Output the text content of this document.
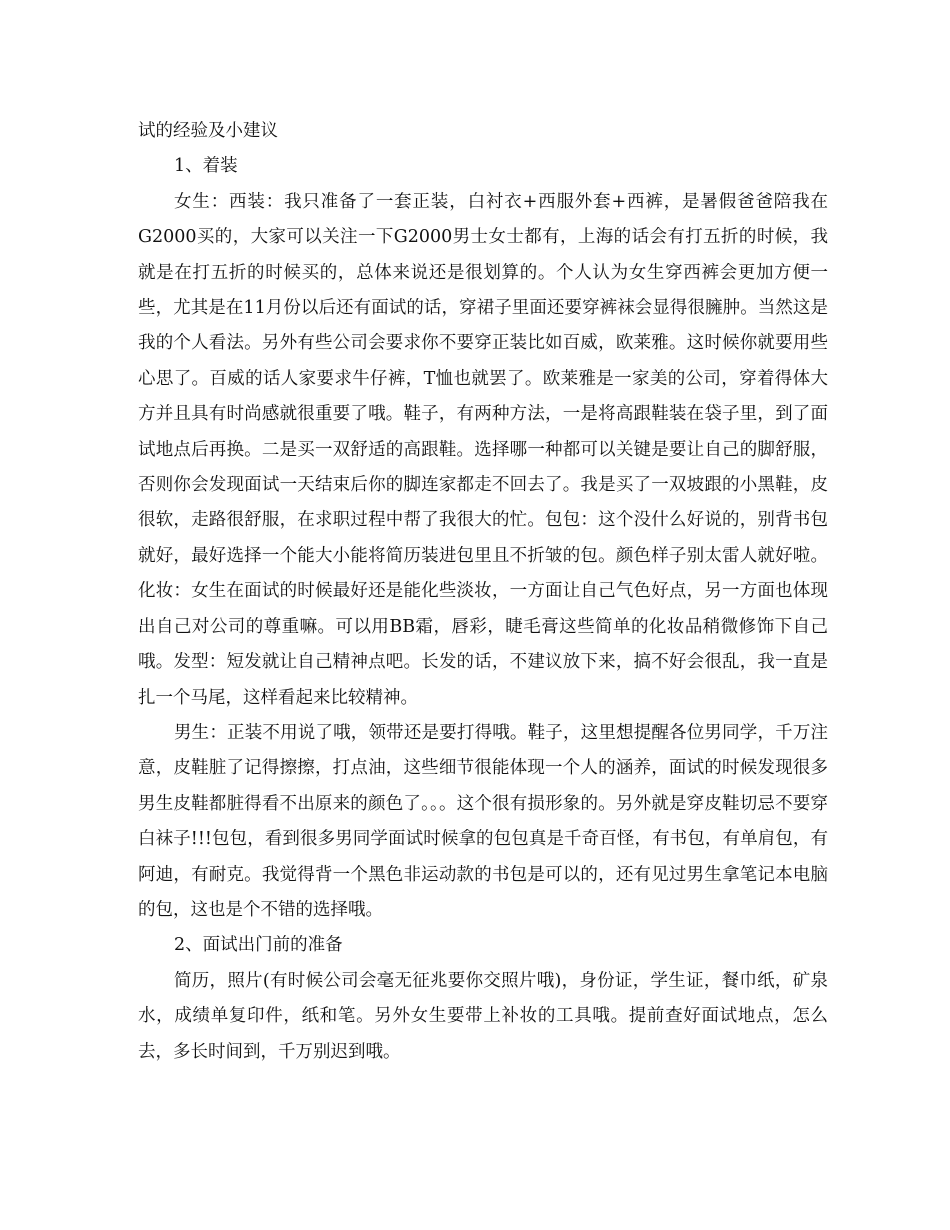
试的经验及小建议

1、着装

女生：西装：我只准备了一套正装，白衬衣+西服外套+西裤，是暑假爸爸陪我在G2000买的，大家可以关注一下G2000男士女士都有，上海的话会有打五折的时候，我就是在打五折的时候买的，总体来说还是很划算的。个人认为女生穿西裤会更加方便一些，尤其是在11月份以后还有面试的话，穿裙子里面还要穿裤袜会显得很臃肿。当然这是我的个人看法。另外有些公司会要求你不要穿正装比如百威，欧莱雅。这时候你就要用些心思了。百威的话人家要求牛仔裤，T恤也就罢了。欧莱雅是一家美的公司，穿着得体大方并且具有时尚感就很重要了哦。鞋子，有两种方法，一是将高跟鞋装在袋子里，到了面试地点后再换。二是买一双舒适的高跟鞋。选择哪一种都可以关键是要让自己的脚舒服，否则你会发现面试一天结束后你的脚连家都走不回去了。我是买了一双坡跟的小黑鞋，皮很软，走路很舒服，在求职过程中帮了我很大的忙。包包：这个没什么好说的，别背书包就好，最好选择一个能大小能将简历装进包里且不折皱的包。颜色样子别太雷人就好啦。化妆：女生在面试的时候最好还是能化些淡妆，一方面让自己气色好点，另一方面也体现出自己对公司的尊重嘛。可以用BB霜，唇彩，睫毛膏这些简单的化妆品稍微修饰下自己哦。发型：短发就让自己精神点吧。长发的话，不建议放下来，搞不好会很乱，我一直是扎一个马尾，这样看起来比较精神。

男生：正装不用说了哦，领带还是要打得哦。鞋子，这里想提醒各位男同学，千万注意，皮鞋脏了记得擦擦，打点油，这些细节很能体现一个人的涵养，面试的时候发现很多男生皮鞋都脏得看不出原来的颜色了。。。这个很有损形象的。另外就是穿皮鞋切忌不要穿白袜子!!!包包，看到很多男同学面试时候拿的包包真是千奇百怪，有书包，有单肩包，有阿迪，有耐克。我觉得背一个黑色非运动款的书包是可以的，还有见过男生拿笔记本电脑的包，这也是个不错的选择哦。

2、面试出门前的准备

简历，照片(有时候公司会毫无征兆要你交照片哦)，身份证，学生证，餐巾纸，矿泉水，成绩单复印件，纸和笔。另外女生要带上补妆的工具哦。提前查好面试地点，怎么去，多长时间到，千万别迟到哦。
